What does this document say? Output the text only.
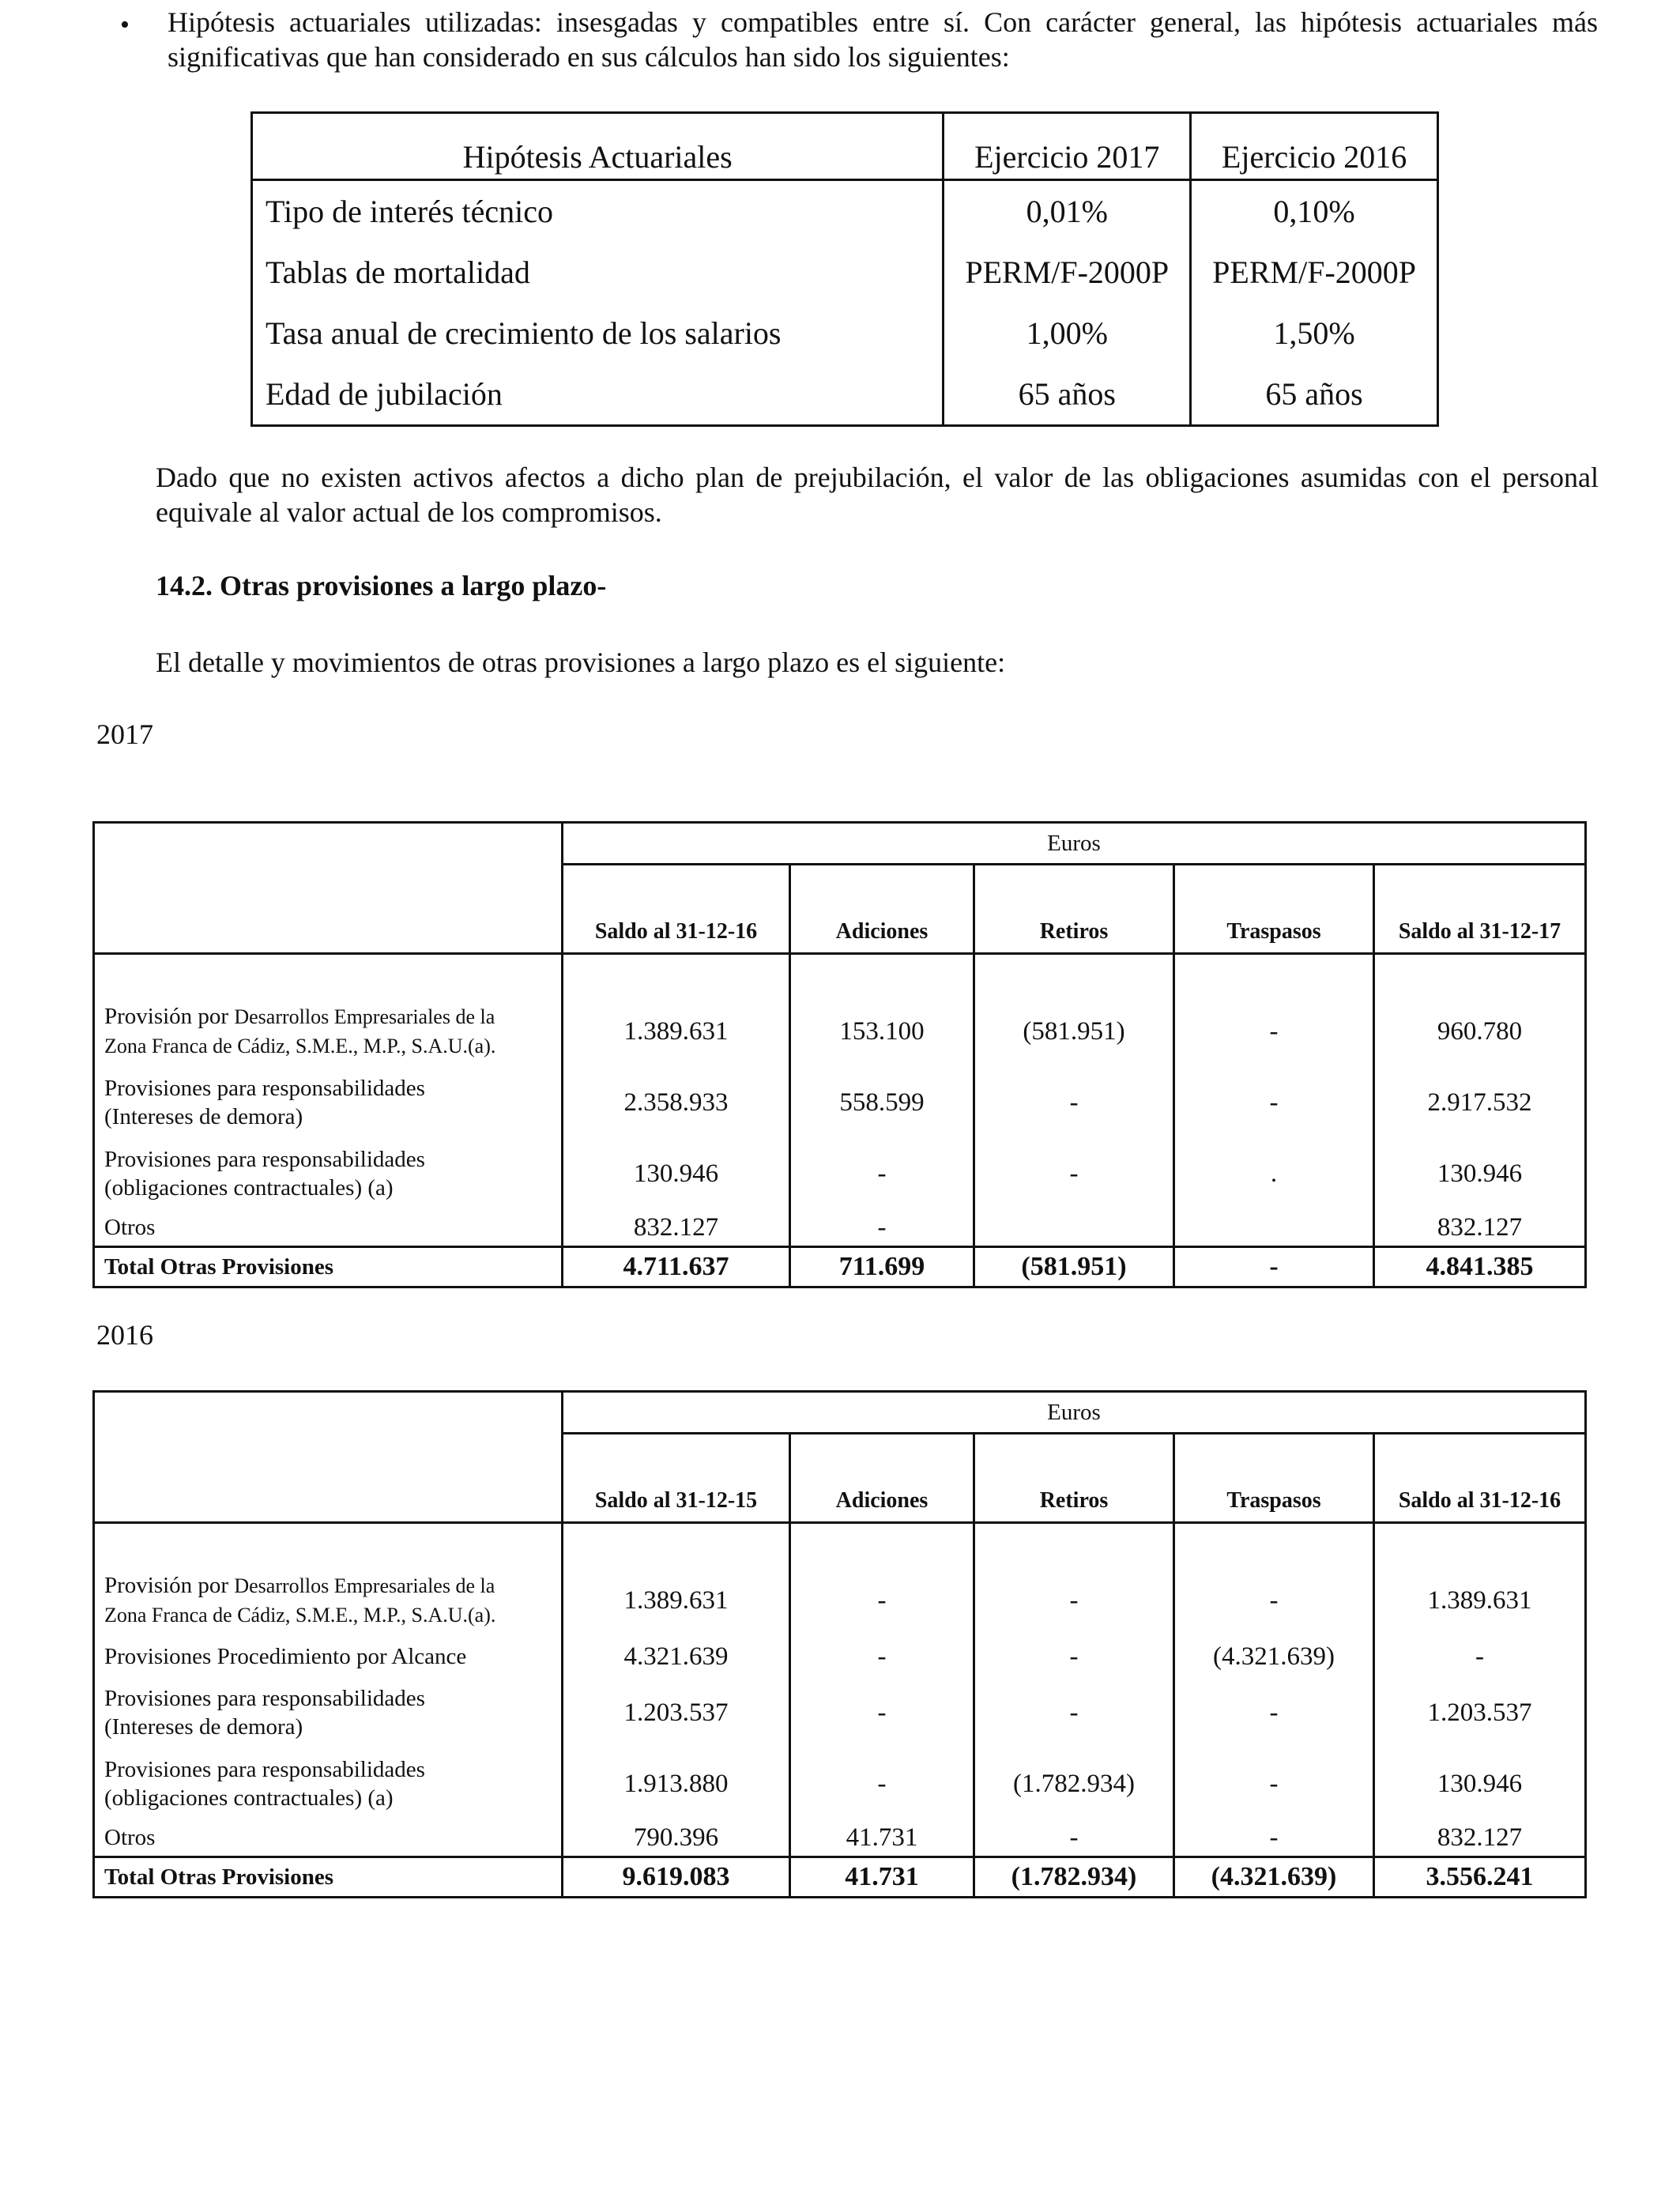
• Hipótesis actuariales utilizadas: insesgadas y compatibles entre sí. Con carácter general, las hipótesis actuariales más significativas que han considerado en sus cálculos han sido los siguientes:
Hipótesis Actuariales	Ejercicio 2017	Ejercicio 2016
Tipo de interés técnico	0,01%	0,10%
Tablas de mortalidad	PERM/F-2000P	PERM/F-2000P
Tasa anual de crecimiento de los salarios	1,00%	1,50%
Edad de jubilación	65 años	65 años
Dado que no existen activos afectos a dicho plan de prejubilación, el valor de las obligaciones asumidas con el personal equivale al valor actual de los compromisos.
14.2. Otras provisiones a largo plazo-
El detalle y movimientos de otras provisiones a largo plazo es el siguiente:
2017
	Euros				
	Saldo al 31-12-16	Adiciones	Retiros	Traspasos	Saldo al 31-12-17

Provisión por Desarrollos Empresariales de la
Zona Franca de Cádiz, S.M.E., M.P., S.A.U.(a).	1.389.631	153.100	(581.951)	-	960.780
Provisiones para responsabilidades
(Intereses de demora)	2.358.933	558.599	-	-	2.917.532
Provisiones para responsabilidades
(obligaciones contractuales) (a)	130.946	-	-	.	130.946
Otros	832.127	-			832.127
Total Otras Provisiones	4.711.637	711.699	(581.951)	-	4.841.385
2016
	Euros				
	Saldo al 31-12-15	Adiciones	Retiros	Traspasos	Saldo al 31-12-16

Provisión por Desarrollos Empresariales de la
Zona Franca de Cádiz, S.M.E., M.P., S.A.U.(a).	1.389.631	-	-	-	1.389.631
Provisiones Procedimiento por Alcance	4.321.639	-	-	(4.321.639)	-
Provisiones para responsabilidades
(Intereses de demora)	1.203.537	-	-	-	1.203.537
Provisiones para responsabilidades
(obligaciones contractuales) (a)	1.913.880	-	(1.782.934)	-	130.946
Otros	790.396	41.731	-	-	832.127
Total Otras Provisiones	9.619.083	41.731	(1.782.934)	(4.321.639)	3.556.241
